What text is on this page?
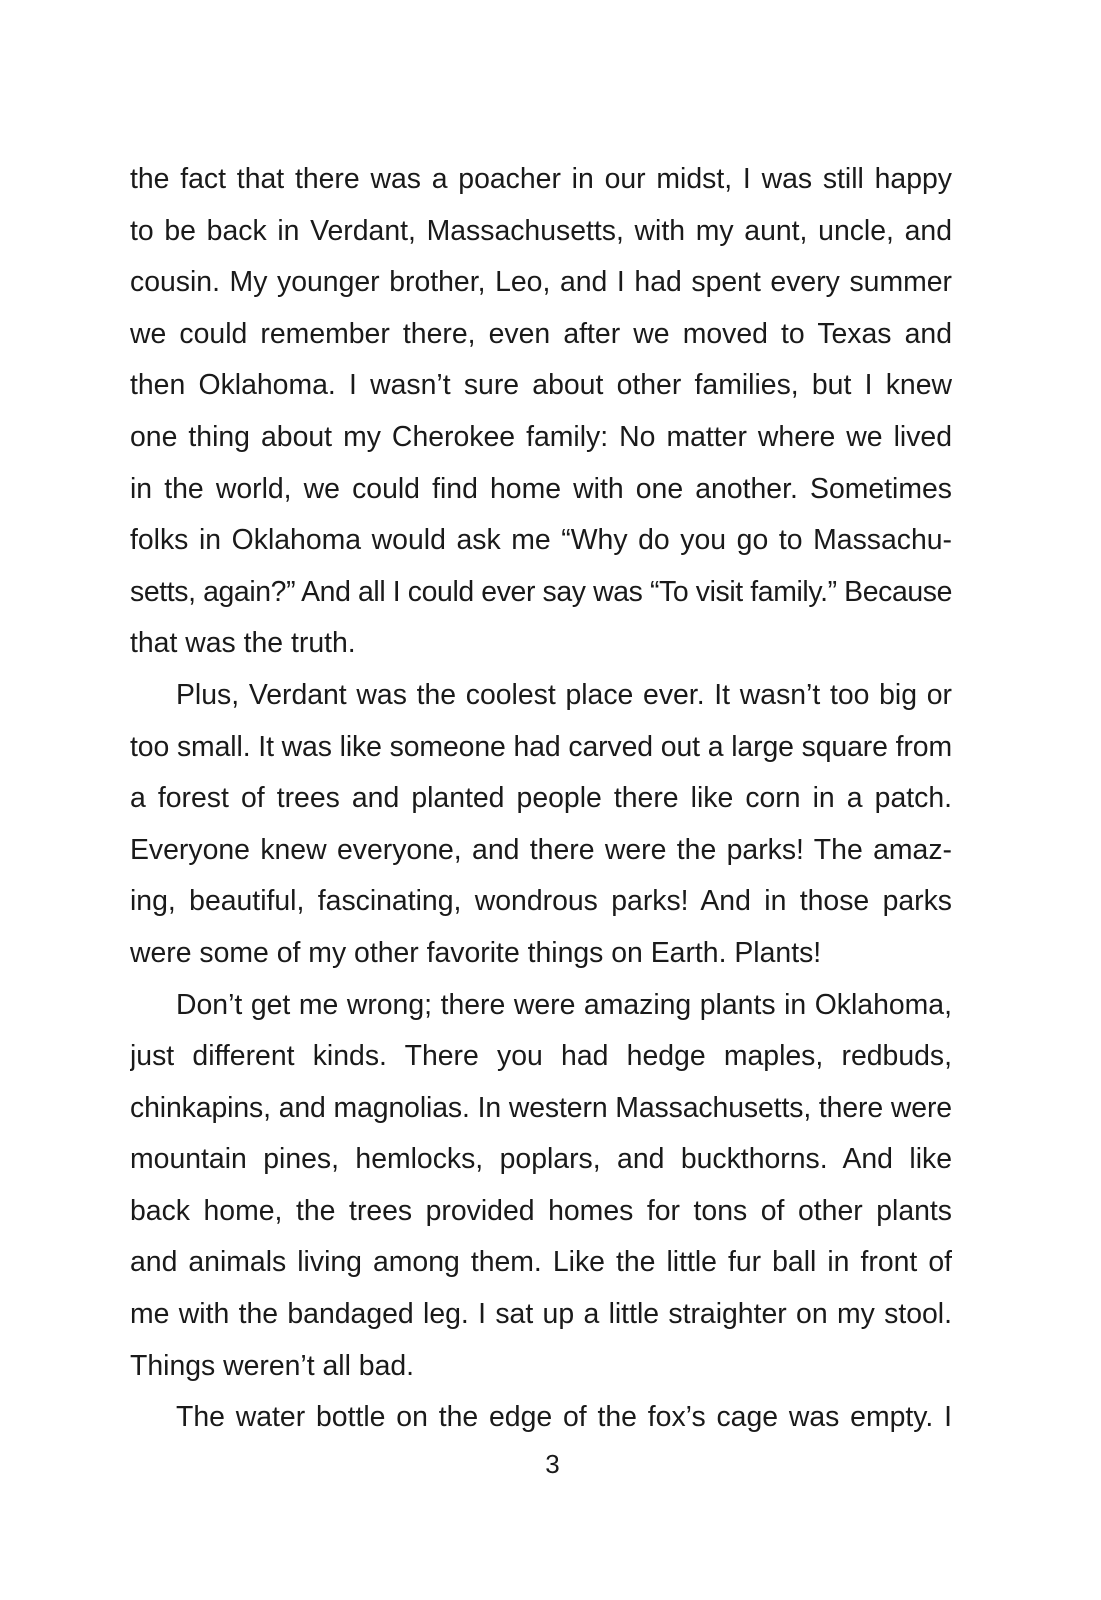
the fact that there was a poacher in our midst, I was still happy
to be back in Verdant, Massachusetts, with my aunt, uncle, and
cousin. My younger brother, Leo, and I had spent every summer
we could remember there, even after we moved to Texas and
then Oklahoma. I wasn’t sure about other families, but I knew
one thing about my Cherokee family: No matter where we lived
in the world, we could find home with one another. Sometimes
folks in Oklahoma would ask me “Why do you go to Massachu-
setts, again?” And all I could ever say was “To visit family.” Because
that was the truth.
Plus, Verdant was the coolest place ever. It wasn’t too big or
too small. It was like someone had carved out a large square from
a forest of trees and planted people there like corn in a patch.
Everyone knew everyone, and there were the parks! The amaz-
ing, beautiful, fascinating, wondrous parks! And in those parks
were some of my other favorite things on Earth. Plants!
Don’t get me wrong; there were amazing plants in Oklahoma,
just different kinds. There you had hedge maples, redbuds,
chinkapins, and magnolias. In western Massachusetts, there were
mountain pines, hemlocks, poplars, and buckthorns. And like
back home, the trees provided homes for tons of other plants
and animals living among them. Like the little fur ball in front of
me with the bandaged leg. I sat up a little straighter on my stool.
Things weren’t all bad.
The water bottle on the edge of the fox’s cage was empty. I
3
